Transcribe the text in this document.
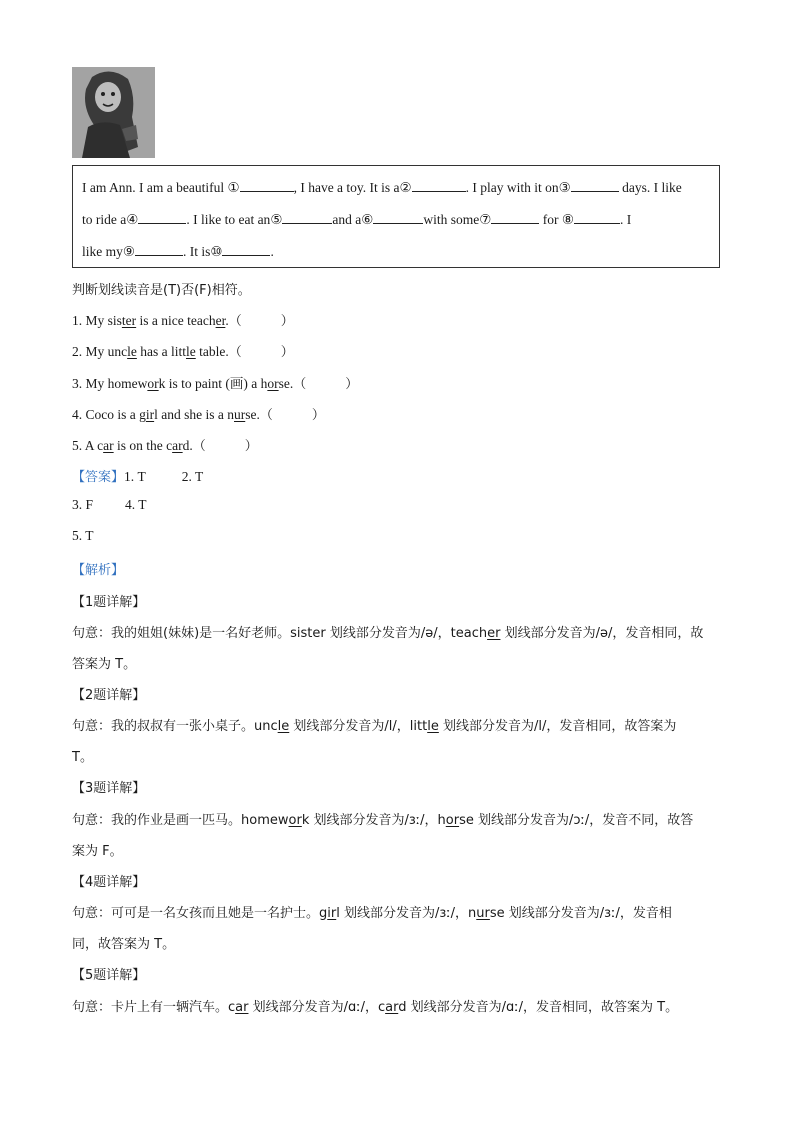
I am Ann. I am a beautiful ①	, I have a toy. It is a②	. I play with it on③	days. I like
to ride a④	. I like to eat an⑤	and a⑥	with some⑦	for ⑧	. I
like my⑨	. It is⑩	.
判断划线读音是(T)否(F)相符。
1. My sister is a nice teacher.（　　　）
2. My uncle has a little table.（　　　）
3. My homework is to paint (画) a horse.（　　　）
4. Coco is a girl and she is a nurse.（　　　）
5. A car is on the card.（　　　）
【答案】1. T	2. T
3. F 4. T
5. T
【解析】
【1题详解】
句意：我的姐姐(妹妹)是一名好老师。sister 划线部分发音为/ə/，teacher 划线部分发音为/ə/，发音相同，故
答案为 T。
【2题详解】
句意：我的叔叔有一张小桌子。uncle 划线部分发音为/l/，little 划线部分发音为/l/，发音相同，故答案为
T。
【3题详解】
句意：我的作业是画一匹马。homework 划线部分发音为/ɜː/，horse 划线部分发音为/ɔː/，发音不同，故答
案为 F。
【4题详解】
句意：可可是一名女孩而且她是一名护士。girl 划线部分发音为/ɜː/，nurse 划线部分发音为/ɜː/，发音相
同，故答案为 T。
【5题详解】
句意：卡片上有一辆汽车。car 划线部分发音为/ɑː/，card 划线部分发音为/ɑː/，发音相同，故答案为 T。
